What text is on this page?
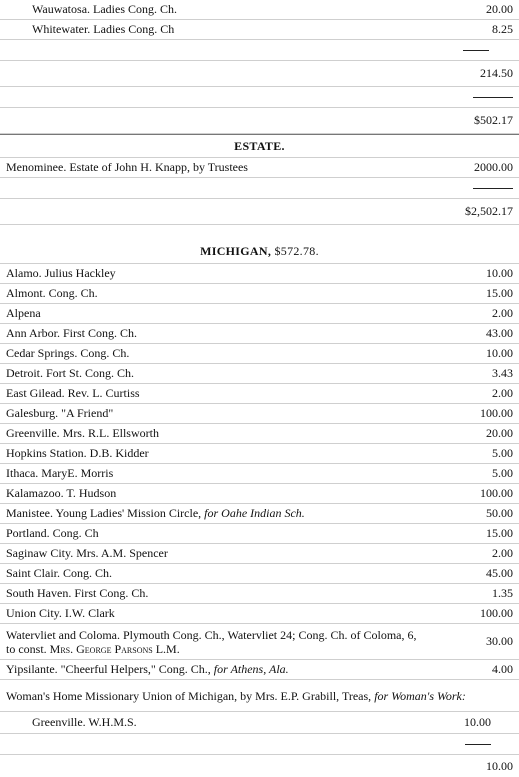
Wauwatosa. Ladies Cong. Ch.	20.00
Whitewater. Ladies Cong. Ch	8.25
214.50
$502.17
ESTATE.
Menominee. Estate of John H. Knapp, by Trustees	2000.00
$2,502.17
MICHIGAN, $572.78.
Alamo. Julius Hackley	10.00
Almont. Cong. Ch.	15.00
Alpena	2.00
Ann Arbor. First Cong. Ch.	43.00
Cedar Springs. Cong. Ch.	10.00
Detroit. Fort St. Cong. Ch.	3.43
East Gilead. Rev. L. Curtiss	2.00
Galesburg. "A Friend"	100.00
Greenville. Mrs. R.L. Ellsworth	20.00
Hopkins Station. D.B. Kidder	5.00
Ithaca. MaryE. Morris	5.00
Kalamazoo. T. Hudson	100.00
Manistee. Young Ladies' Mission Circle, for Oahe Indian Sch.	50.00
Portland. Cong. Ch	15.00
Saginaw City. Mrs. A.M. Spencer	2.00
Saint Clair. Cong. Ch.	45.00
South Haven. First Cong. Ch.	1.35
Union City. I.W. Clark	100.00
Watervliet and Coloma. Plymouth Cong. Ch., Watervliet 24; Cong. Ch. of Coloma, 6, to const. Mrs. George Parsons L.M.
30.00
Yipsilante. "Cheerful Helpers," Cong. Ch., for Athens, Ala.	4.00
Woman's Home Missionary Union of Michigan, by Mrs. E.P. Grabill, Treas, for Woman's Work:
Greenville. W.H.M.S.	10.00
10.00
